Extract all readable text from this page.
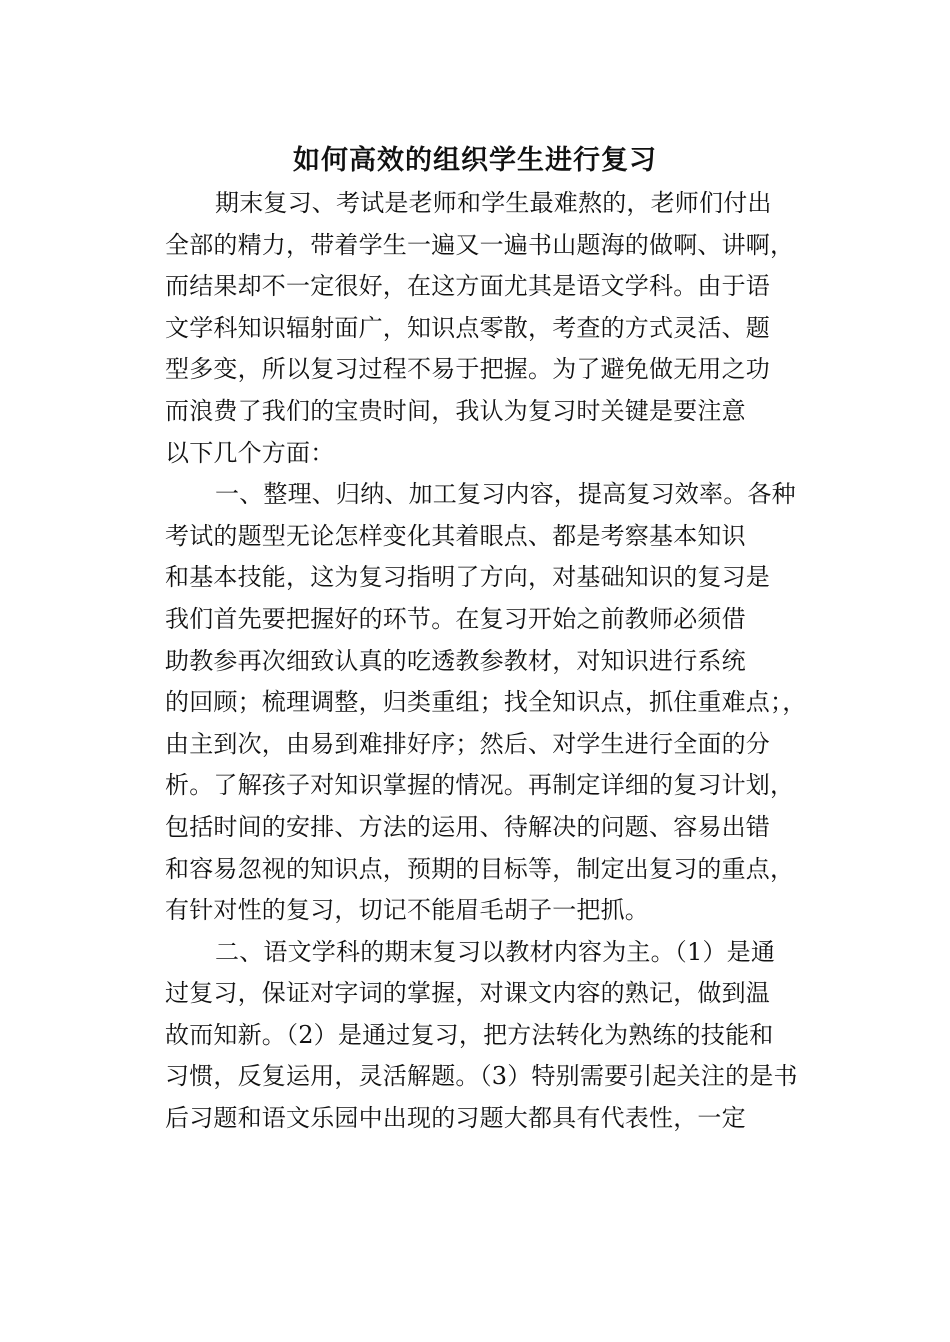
如何高效的组织学生进行复习
期末复习、考试是老师和学生最难熬的，老师们付出
全部的精力，带着学生一遍又一遍书山题海的做啊、讲啊，
而结果却不一定很好，在这方面尤其是语文学科。由于语
文学科知识辐射面广，知识点零散，考查的方式灵活、题
型多变，所以复习过程不易于把握。为了避免做无用之功
而浪费了我们的宝贵时间，我认为复习时关键是要注意
以下几个方面：
一、整理、归纳、加工复习内容，提高复习效率。各种
考试的题型无论怎样变化其着眼点、都是考察基本知识
和基本技能，这为复习指明了方向，对基础知识的复习是
我们首先要把握好的环节。在复习开始之前教师必须借
助教参再次细致认真的吃透教参教材，对知识进行系统
的回顾；梳理调整，归类重组；找全知识点，抓住重难点；，
由主到次，由易到难排好序；然后、对学生进行全面的分
析。了解孩子对知识掌握的情况。再制定详细的复习计划，
包括时间的安排、方法的运用、待解决的问题、容易出错
和容易忽视的知识点，预期的目标等，制定出复习的重点，
有针对性的复习，切记不能眉毛胡子一把抓。
二、语文学科的期末复习以教材内容为主。（1）是通
过复习，保证对字词的掌握，对课文内容的熟记，做到温
故而知新。（2）是通过复习，把方法转化为熟练的技能和
习惯，反复运用，灵活解题。（3）特别需要引起关注的是书
后习题和语文乐园中出现的习题大都具有代表性，一定
